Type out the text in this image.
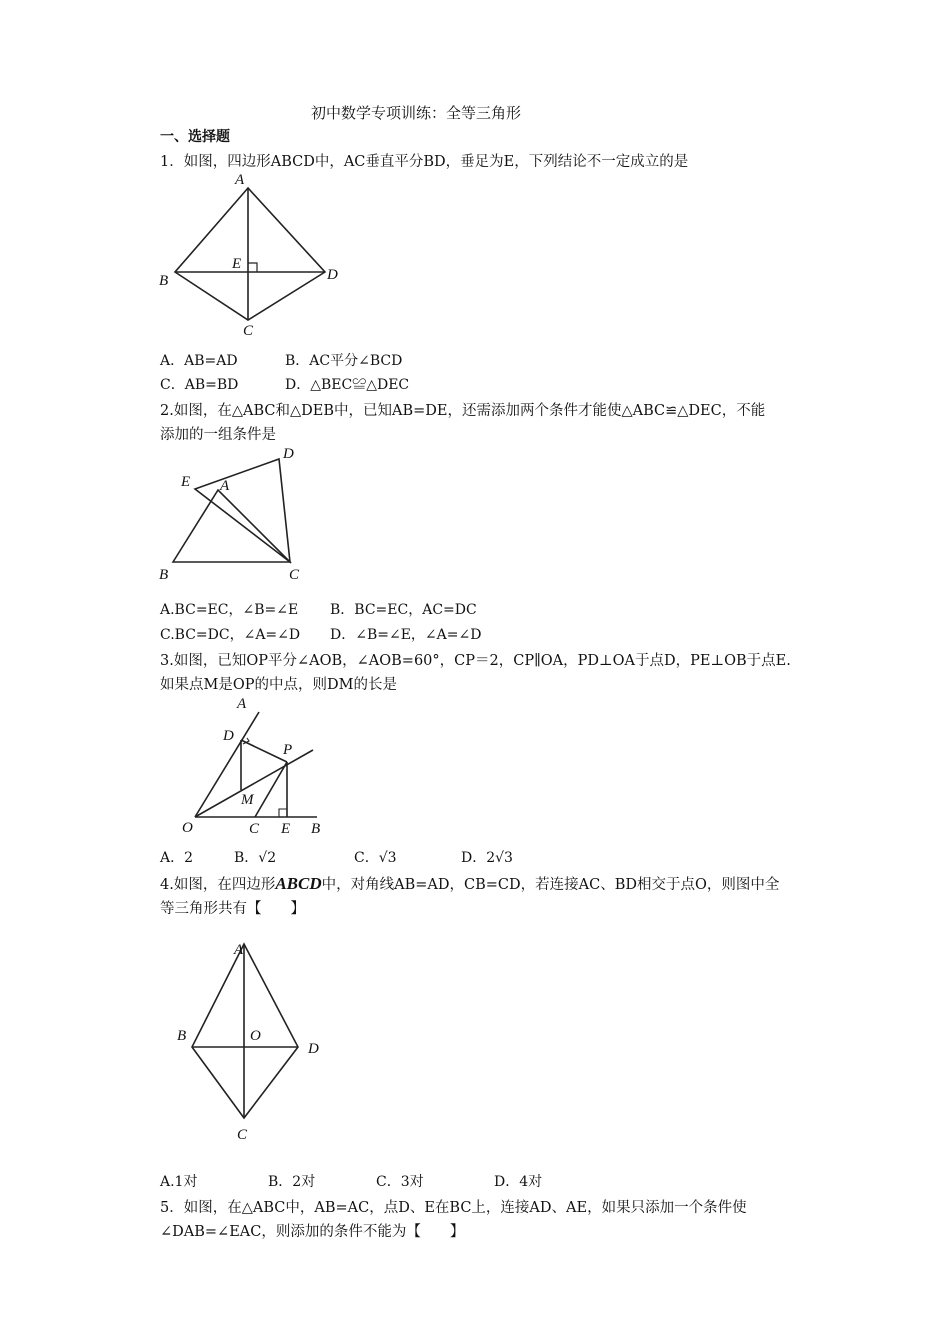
初中数学专项训练：全等三角形
一、选择题
1．如图，四边形ABCD中，AC垂直平分BD，垂足为E，下列结论不一定成立的是
A
B
C
D
E
A．AB=AD	B．AC平分∠BCD
C．AB=BD	D．△BEC≌△DEC
2.如图，在△ABC和△DEB中，已知AB=DE，还需添加两个条件才能使△ABC≌△DEC，不能
添加的一组条件是
D
E A
B	C
A.BC=EC，∠B=∠E B．BC=EC，AC=DC
C.BC=DC，∠A=∠D D．∠B=∠E，∠A=∠D
3.如图，已知OP平分∠AOB，∠AOB=60°，CP＝2，CP∥OA，PD⊥OA于点D，PE⊥OB于点E.
如果点M是OP的中点，则DM的长是
A
D
P
M
O	C E B
A．2	B．√2	C．√3	D．2√3
4.如图，在四边形ABCD中，对角线AB=AD，CB=CD，若连接AC、BD相交于点O，则图中全
等三角形共有【　　】
A
B	O
D
C
A.1对	B．2对	C．3对	D．4对
5．如图，在△ABC中，AB=AC，点D、E在BC上，连接AD、AE，如果只添加一个条件使
∠DAB=∠EAC，则添加的条件不能为【　　】
